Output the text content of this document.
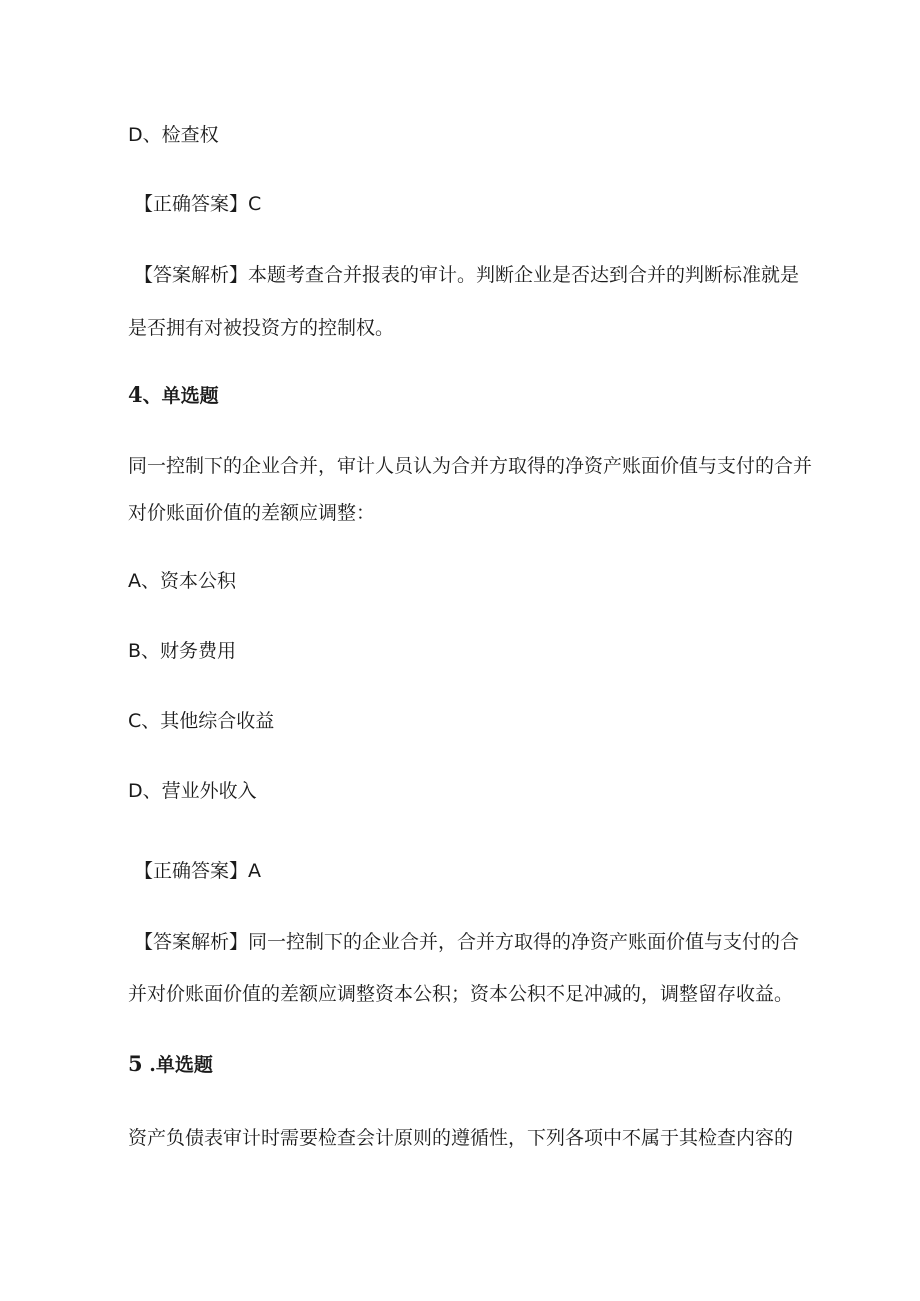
D、检查权
【正确答案】C
【答案解析】本题考查合并报表的审计。判断企业是否达到合并的判断标准就是
是否拥有对被投资方的控制权。
4、单选题
同一控制下的企业合并，审计人员认为合并方取得的净资产账面价值与支付的合并
对价账面价值的差额应调整：
A、资本公积
B、财务费用
C、其他综合收益
D、营业外收入
【正确答案】A
【答案解析】同一控制下的企业合并，合并方取得的净资产账面价值与支付的合
并对价账面价值的差额应调整资本公积；资本公积不足冲减的，调整留存收益。
5 .单选题
资产负债表审计时需要检查会计原则的遵循性，下列各项中不属于其检查内容的
